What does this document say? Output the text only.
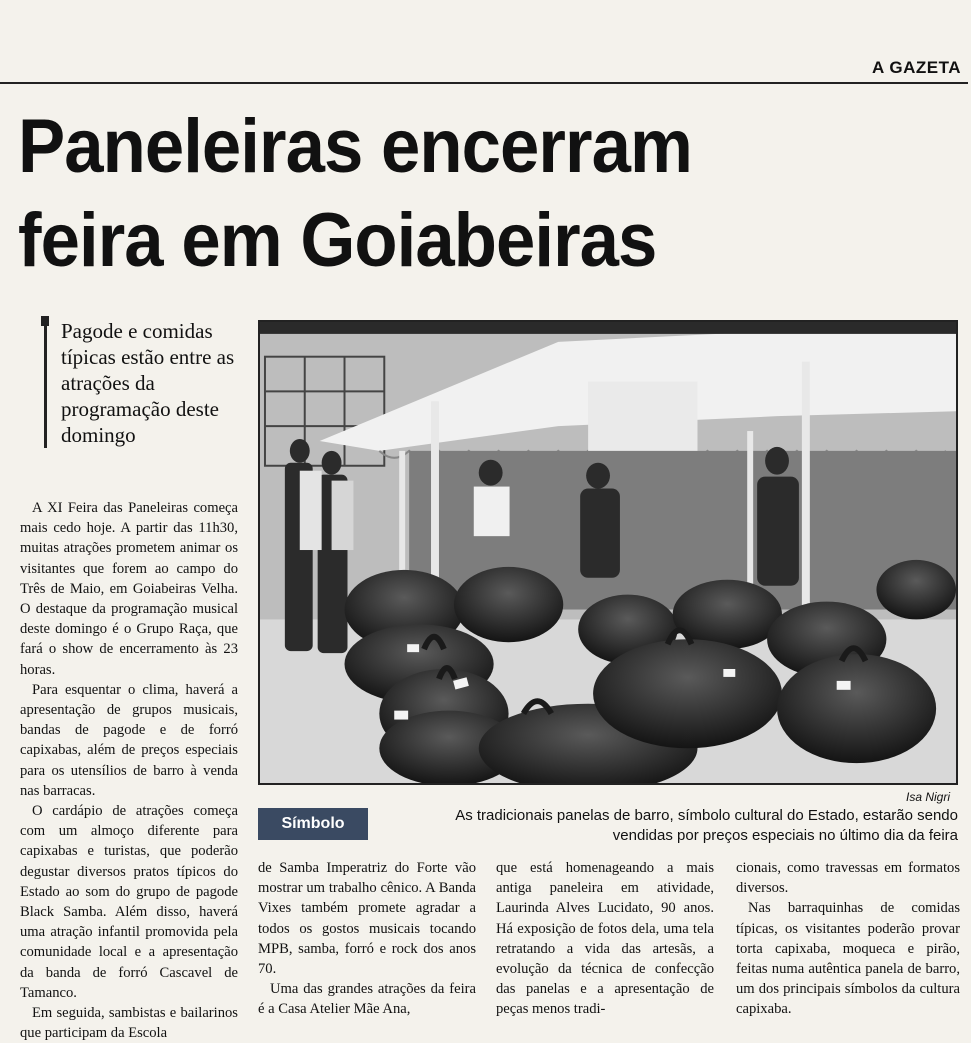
A GAZETA
Paneleiras encerram
feira em Goiabeiras
Pagode e comidas típicas estão entre as atrações da programação deste domingo
Isa Nigri
Símbolo	As tradicionais panelas de barro, símbolo cultural do Estado, estarão sendo
vendidas por preços especiais no último dia da feira

A XI Feira das Paneleiras começa mais cedo hoje. A partir das 11h30, muitas atrações prometem animar os visitantes que forem ao campo do Três de Maio, em Goiabeiras Velha. O destaque da programação musical deste domingo é o Grupo Raça, que fará o show de encerramento às 23 horas.

Para esquentar o clima, haverá a apresentação de grupos musicais, bandas de pagode e de forró capixabas, além de preços especiais para os utensílios de barro à venda nas barracas.

O cardápio de atrações começa com um almoço diferente para capixabas e turistas, que poderão degustar diversos pratos típicos do Estado ao som do grupo de pagode Black Samba. Além disso, haverá uma atração infantil promovida pela comunidade local e a apresentação da banda de forró Cascavel de Tamanco.

Em seguida, sambistas e bailarinos que participam da Escola

de Samba Imperatriz do Forte vão mostrar um trabalho cênico. A Banda Vixes também promete agradar a todos os gostos musicais tocando MPB, samba, forró e rock dos anos 70.

Uma das grandes atrações da feira é a Casa Atelier Mãe Ana,

que está homenageando a mais antiga paneleira em atividade, Laurinda Alves Lucidato, 90 anos. Há exposição de fotos dela, uma tela retratando a vida das artesãs, a evolução da técnica de confecção das panelas e a apresentação de peças menos tradi-

cionais, como travessas em formatos diversos.

Nas barraquinhas de comidas típicas, os visitantes poderão provar torta capixaba, moqueca e pirão, feitas numa autêntica panela de barro, um dos principais símbolos da cultura capixaba.
